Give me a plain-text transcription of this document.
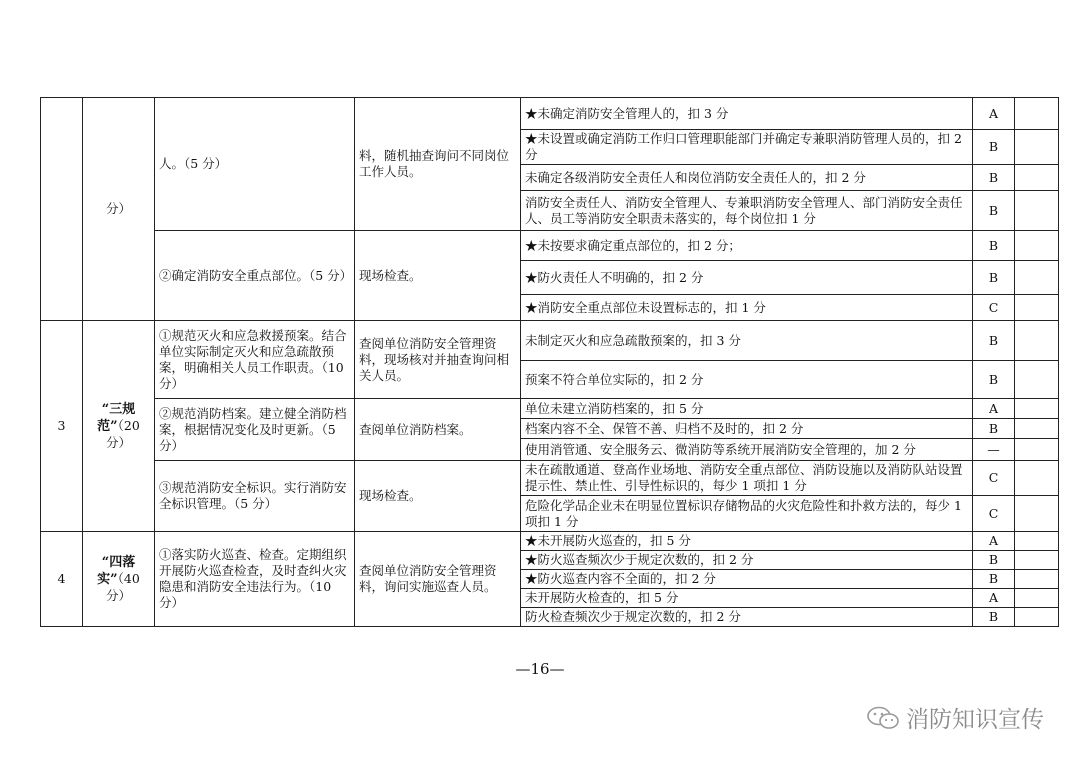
	分）	人。（5 分）	料，随机抽查询问不同岗位工作人员。	★未确定消防安全管理人的，扣 3 分	A	
				★未设置或确定消防工作归口管理职能部门并确定专兼职消防管理人员的，扣 2 分	B	
				未确定各级消防安全责任人和岗位消防安全责任人的，扣 2 分	B	
				消防安全责任人、消防安全管理人、专兼职消防安全管理人、部门消防安全责任人、员工等消防安全职责未落实的，每个岗位扣 1 分	B	
		②确定消防安全重点部位。（5 分）	现场检查。	★未按要求确定重点部位的，扣 2 分；	B	
				★防火责任人不明确的，扣 2 分	B	
				★消防安全重点部位未设置标志的，扣 1 分	C	
3	“三规范”（20 分）	①规范灭火和应急救援预案。结合单位实际制定灭火和应急疏散预案，明确相关人员工作职责。（10 分）	查阅单位消防安全管理资料，现场核对并抽查询问相关人员。	未制定灭火和应急疏散预案的，扣 3 分	B	
				预案不符合单位实际的，扣 2 分	B	
		②规范消防档案。建立健全消防档案，根据情况变化及时更新。（5 分）	查阅单位消防档案。	单位未建立消防档案的，扣 5 分	A	
				档案内容不全、保管不善、归档不及时的，扣 2 分	B	
				使用消管通、安全服务云、微消防等系统开展消防安全管理的，加 2 分	—	
		③规范消防安全标识。实行消防安全标识管理。（5 分）	现场检查。	未在疏散通道、登高作业场地、消防安全重点部位、消防设施以及消防队站设置提示性、禁止性、引导性标识的，每少 1 项扣 1 分	C	
				危险化学品企业未在明显位置标识存储物品的火灾危险性和扑救方法的，每少 1 项扣 1 分	C	
4	“四落实”（40 分）	①落实防火巡查、检查。定期组织开展防火巡查检查，及时查纠火灾隐患和消防安全违法行为。（10 分）	查阅单位消防安全管理资料，询问实施巡查人员。	★未开展防火巡查的，扣 5 分	A	
				★防火巡查频次少于规定次数的，扣 2 分	B	
				★防火巡查内容不全面的，扣 2 分	B	
				未开展防火检查的，扣 5 分	A	
				防火检查频次少于规定次数的，扣 2 分	B	
—16—
消防知识宣传
